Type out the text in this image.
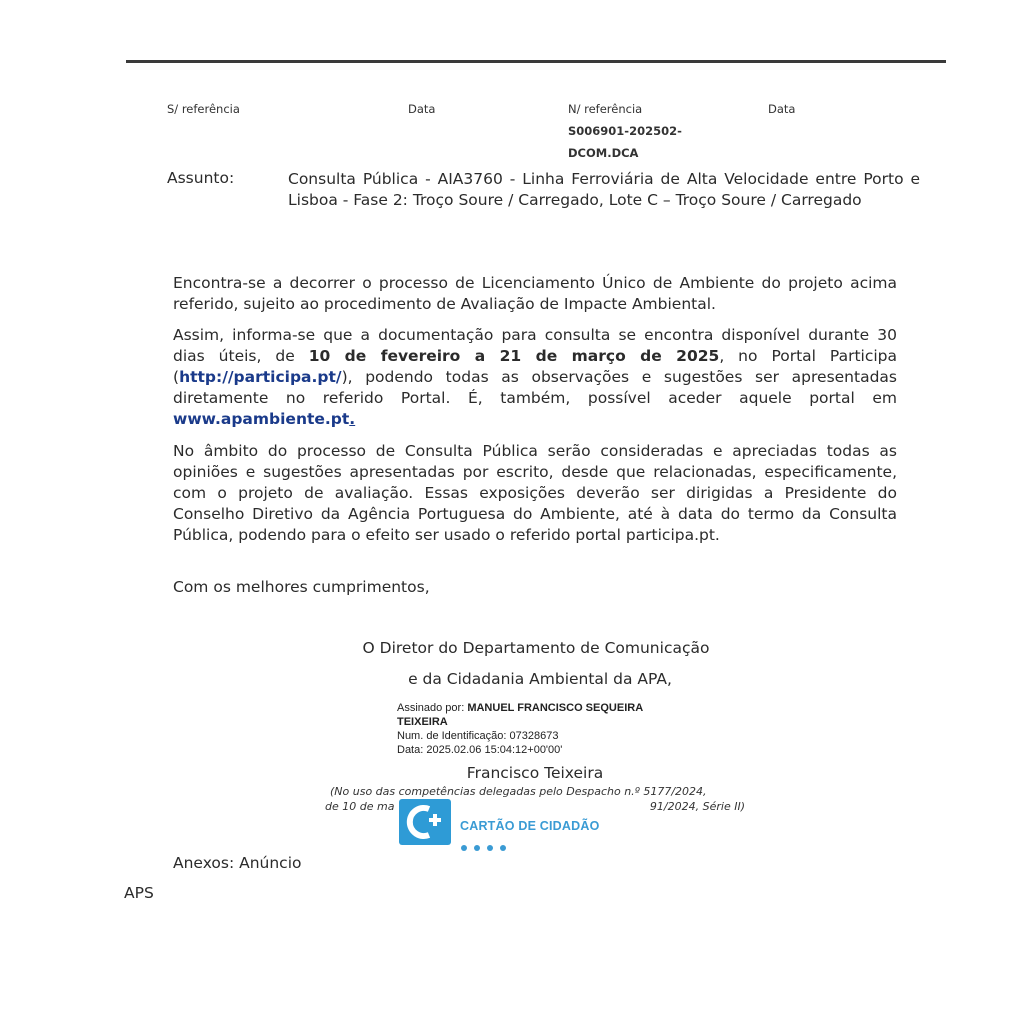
S/ referência	Data	N/ referência	Data
S006901-202502-
DCOM.DCA
Assunto:	Consulta Pública - AIA3760 - Linha Ferroviária de Alta Velocidade entre Porto e Lisboa - Fase 2: Troço Soure / Carregado, Lote C – Troço Soure / Carregado
Encontra-se a decorrer o processo de Licenciamento Único de Ambiente do projeto acima referido, sujeito ao procedimento de Avaliação de Impacte Ambiental.
Assim, informa-se que a documentação para consulta se encontra disponível durante 30 dias úteis, de 10 de fevereiro a 21 de março de 2025, no Portal Participa (http://participa.pt/), podendo todas as observações e sugestões ser apresentadas diretamente no referido Portal. É, também, possível aceder aquele portal em www.apambiente.pt.
No âmbito do processo de Consulta Pública serão consideradas e apreciadas todas as opiniões e sugestões apresentadas por escrito, desde que relacionadas, especificamente, com o projeto de avaliação. Essas exposições deverão ser dirigidas a Presidente do Conselho Diretivo da Agência Portuguesa do Ambiente, até à data do termo da Consulta Pública, podendo para o efeito ser usado o referido portal participa.pt.
Com os melhores cumprimentos,
O Diretor do Departamento de Comunicação
e da Cidadania Ambiental da APA,
Assinado por: MANUEL FRANCISCO SEQUEIRA
TEIXEIRA
Num. de Identificação: 07328673
Data: 2025.02.06 15:04:12+00'00'
Francisco Teixeira
(No uso das competências delegadas pelo Despacho n.º 5177/2024,
de 10 de ma	91/2024, Série II)
CARTÃO DE CIDADÃO
Anexos: Anúncio
APS
